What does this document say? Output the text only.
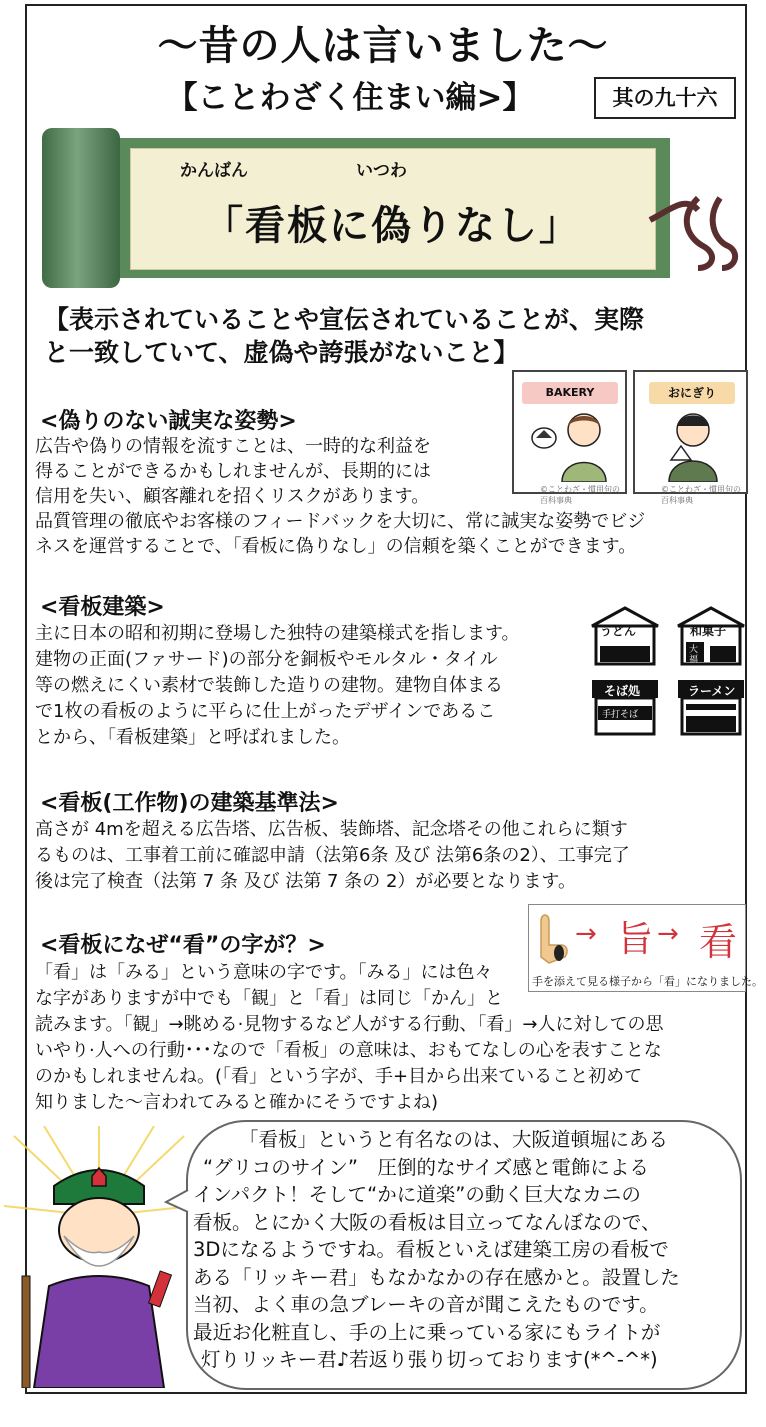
～昔の人は言いました～
【ことわざく住まい編>】	其の九十六
かんばん	いつわ
「看板に偽りなし」
【表示されていることや宣伝されていることが、実際
と一致していて、虚偽や誇張がないこと】
<偽りのない誠実な姿勢>
広告や偽りの情報を流すことは、一時的な利益を
得ることができるかもしれませんが、長期的には
信用を失い、顧客離れを招くリスクがあります。
品質管理の徹底やお客様のフィードバックを大切に、常に誠実な姿勢でビジ
ネスを運営することで、「看板に偽りなし」の信頼を築くことができます。
BAKERY
©ことわざ・慣用句の百科事典
おにぎり
©ことわざ・慣用句の百科事典
<看板建築>
主に日本の昭和初期に登場した独特の建築様式を指します。
建物の正面(ファサード)の部分を銅板やモルタル・タイル
等の燃えにくい素材で装飾した造りの建物。建物自体まる
で1枚の看板のように平らに仕上がったデザインであるこ
とから、「看板建築」と呼ばれました。
うどん	和菓子
大
福
そば処
手打そば
ラーメン
<看板(工作物)の建築基準法>
高さが 4mを超える広告塔、広告板、装飾塔、記念塔その他これらに類す
るものは、工事着工前に確認申請（法第6条 及び 法第6条の2）、工事完了
後は完了検査（法第 7 条 及び 法第 7 条の 2）が必要となります。
<看板になぜ“看”の字が？>
「看」は「みる」という意味の字です。「みる」には色々
な字がありますが中でも「観」と「看」は同じ「かん」と
読みます。「観」→眺める·見物するなど人がする行動、「看」→人に対しての思
いやり·人への行動･･･なので「看板」の意味は、おもてなしの心を表すことな
のかもしれませんね。(「看」という字が、手+目から出来ていること初めて
知りました～言われてみると確かにそうですよね)
→ 旨 → 看
手を添えて見る様子から「看」になりました。
「看板」というと有名なのは、大阪道頓堀にある
“グリコのサイン”　圧倒的なサイズ感と電飾による
インパクト！そして“かに道楽”の動く巨大なカニの
看板。とにかく大阪の看板は目立ってなんぼなので、
3Dになるようですね。看板といえば建築工房の看板で
ある「リッキー君」もなかなかの存在感かと。設置した
当初、よく車の急ブレーキの音が聞こえたものです。
最近お化粧直し、手の上に乗っている家にもライトが
灯りリッキー君♪若返り張り切っております(*^-^*)
